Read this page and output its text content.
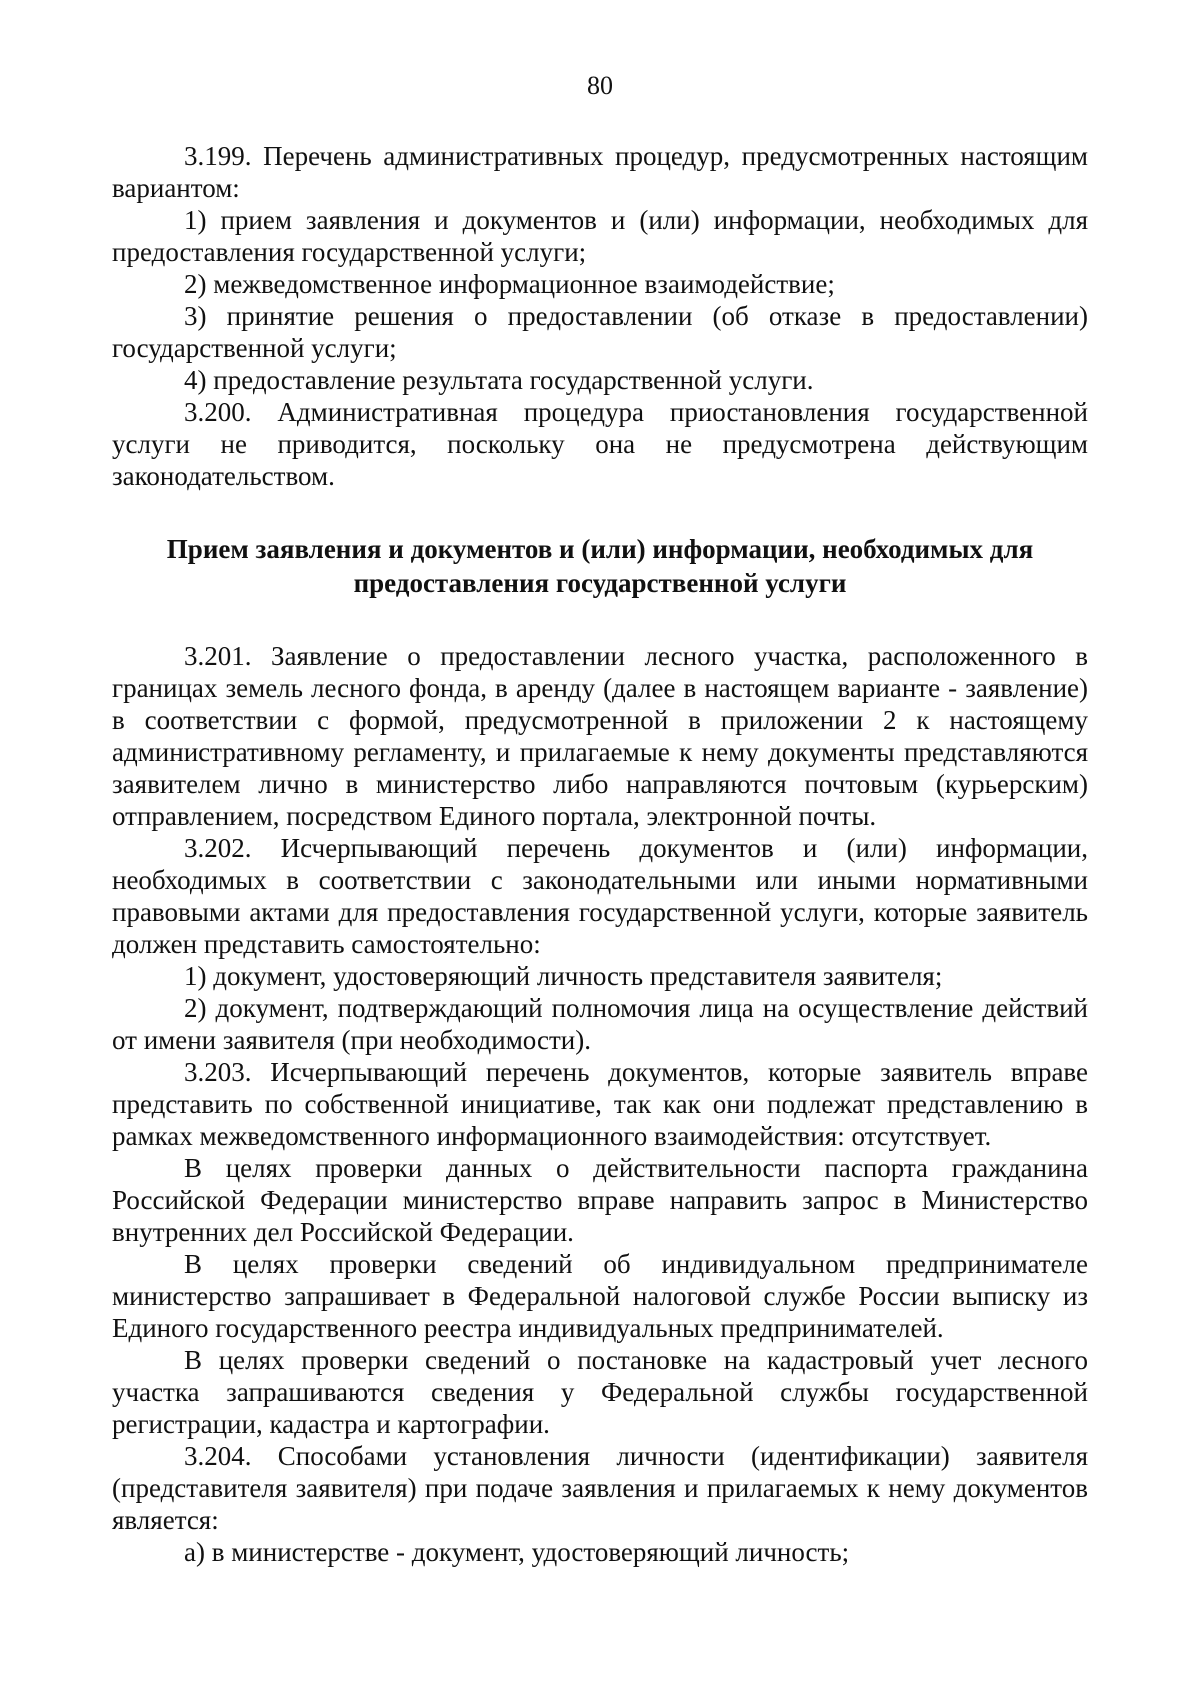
80

3.199. Перечень административных процедур, предусмотренных настоящим вариантом:

1) прием заявления и документов и (или) информации, необходимых для предоставления государственной услуги;

2) межведомственное информационное взаимодействие;

3) принятие решения о предоставлении (об отказе в предоставлении) государственной услуги;

4) предоставление результата государственной услуги.

3.200. Административная процедура приостановления государственной услуги не приводится, поскольку она не предусмотрена действующим законодательством.

Прием заявления и документов и (или) информации, необходимых для
предоставления государственной услуги

3.201. Заявление о предоставлении лесного участка, расположенного в границах земель лесного фонда, в аренду (далее в настоящем варианте - заявление) в соответствии с формой, предусмотренной в приложении 2 к настоящему административному регламенту, и прилагаемые к нему документы представляются заявителем лично в министерство либо направляются почтовым (курьерским) отправлением, посредством Единого портала, электронной почты.

3.202. Исчерпывающий перечень документов и (или) информации, необходимых в соответствии с законодательными или иными нормативными правовыми актами для предоставления государственной услуги, которые заявитель должен представить самостоятельно:

1) документ, удостоверяющий личность представителя заявителя;

2) документ, подтверждающий полномочия лица на осуществление действий от имени заявителя (при необходимости).

3.203. Исчерпывающий перечень документов, которые заявитель вправе представить по собственной инициативе, так как они подлежат представлению в рамках межведомственного информационного взаимодействия: отсутствует.

В целях проверки данных о действительности паспорта гражданина Российской Федерации министерство вправе направить запрос в Министерство внутренних дел Российской Федерации.

В целях проверки сведений об индивидуальном предпринимателе министерство запрашивает в Федеральной налоговой службе России выписку из Единого государственного реестра индивидуальных предпринимателей.

В целях проверки сведений о постановке на кадастровый учет лесного участка запрашиваются сведения у Федеральной службы государственной регистрации, кадастра и картографии.

3.204. Способами установления личности (идентификации) заявителя (представителя заявителя) при подаче заявления и прилагаемых к нему документов является:

а) в министерстве - документ, удостоверяющий личность;
